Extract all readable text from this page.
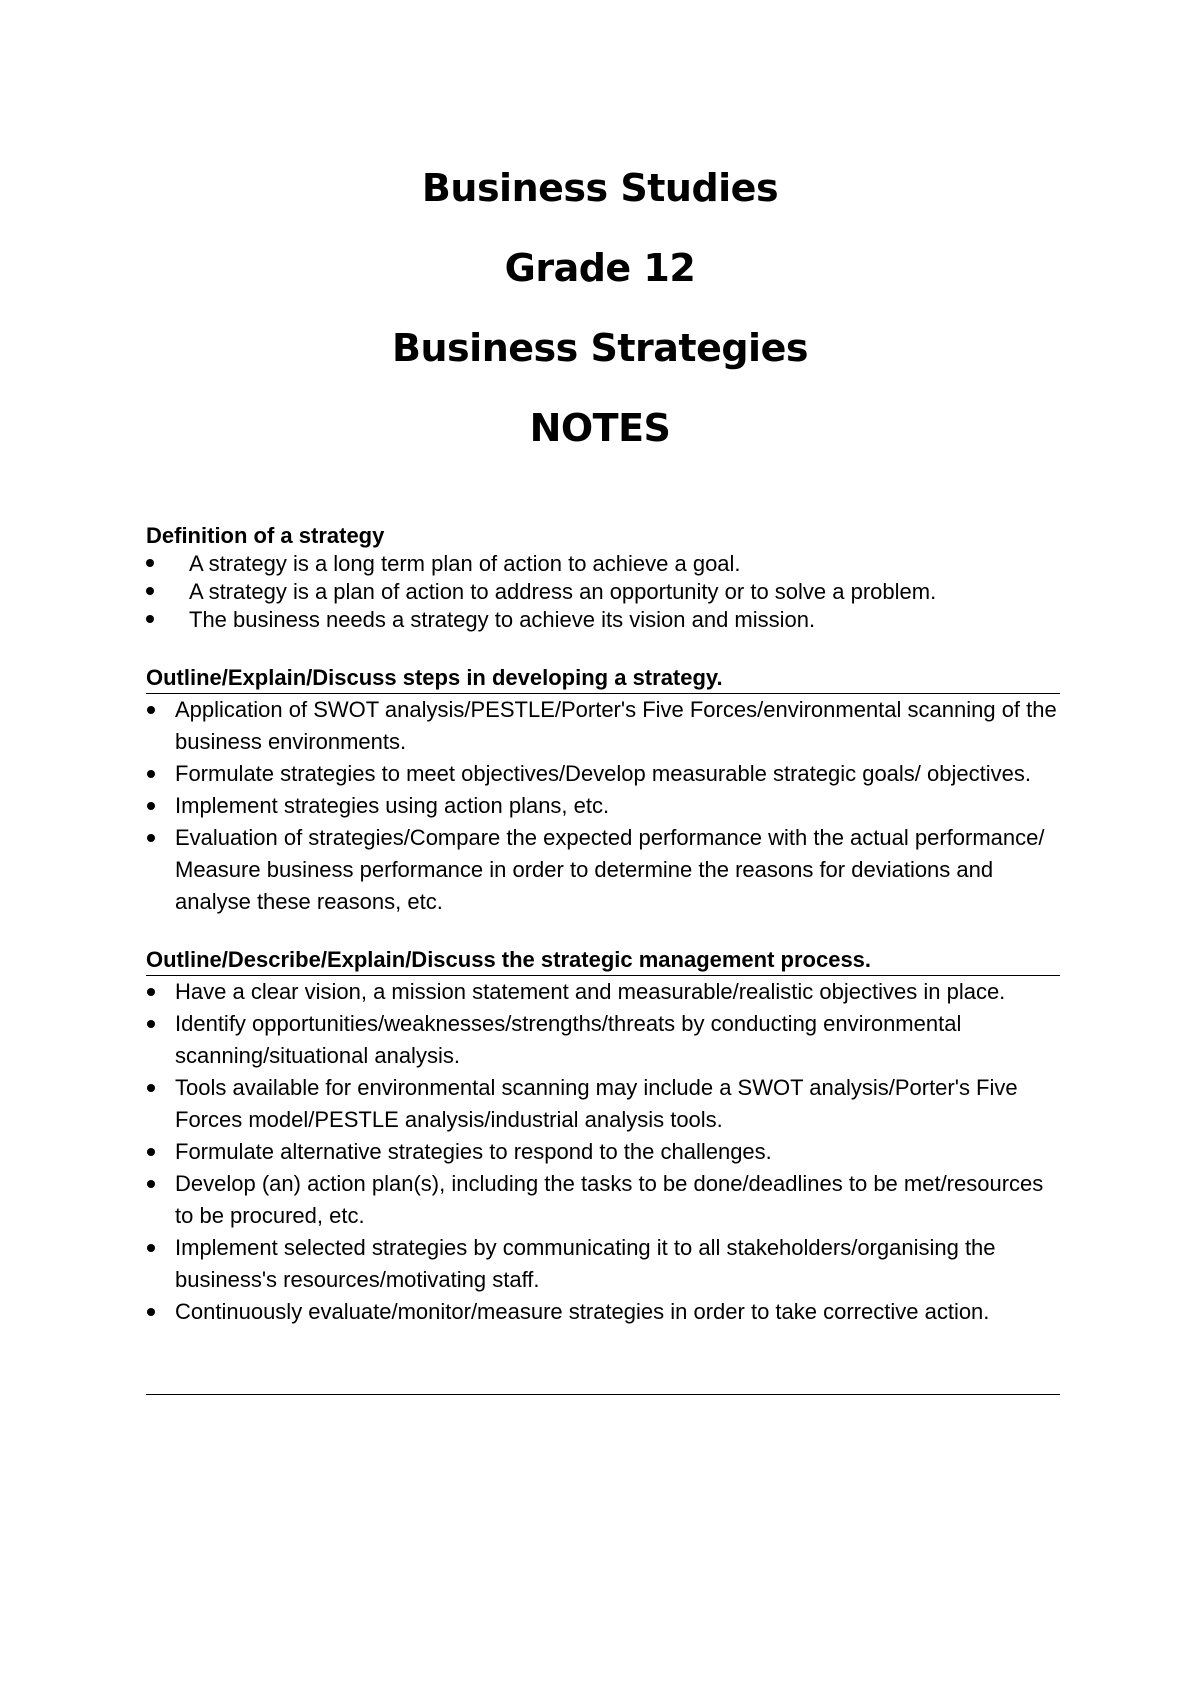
Business Studies
Grade 12
Business Strategies
NOTES
Definition of a strategy
A strategy is a long term plan of action to achieve a goal.
A strategy is a plan of action to address an opportunity or to solve a problem.
The business needs a strategy to achieve its vision and mission.
Outline/Explain/Discuss steps in developing a strategy.
Application of SWOT analysis/PESTLE/Porter's Five Forces/environmental scanning of the business environments.
Formulate strategies to meet objectives/Develop measurable strategic goals/ objectives.
Implement strategies using action plans, etc.
Evaluation of strategies/Compare the expected performance with the actual performance/ Measure business performance in order to determine the reasons for deviations and analyse these reasons, etc.
Outline/Describe/Explain/Discuss the strategic management process.
Have a clear vision, a mission statement and measurable/realistic objectives in place.
Identify opportunities/weaknesses/strengths/threats by conducting environmental scanning/situational analysis.
Tools available for environmental scanning may include a SWOT analysis/Porter's Five Forces model/PESTLE analysis/industrial analysis tools.
Formulate alternative strategies to respond to the challenges.
Develop (an) action plan(s), including the tasks to be done/deadlines to be met/resources to be procured, etc.
Implement selected strategies by communicating it to all stakeholders/organising the business's resources/motivating staff.
Continuously evaluate/monitor/measure strategies in order to take corrective action.
